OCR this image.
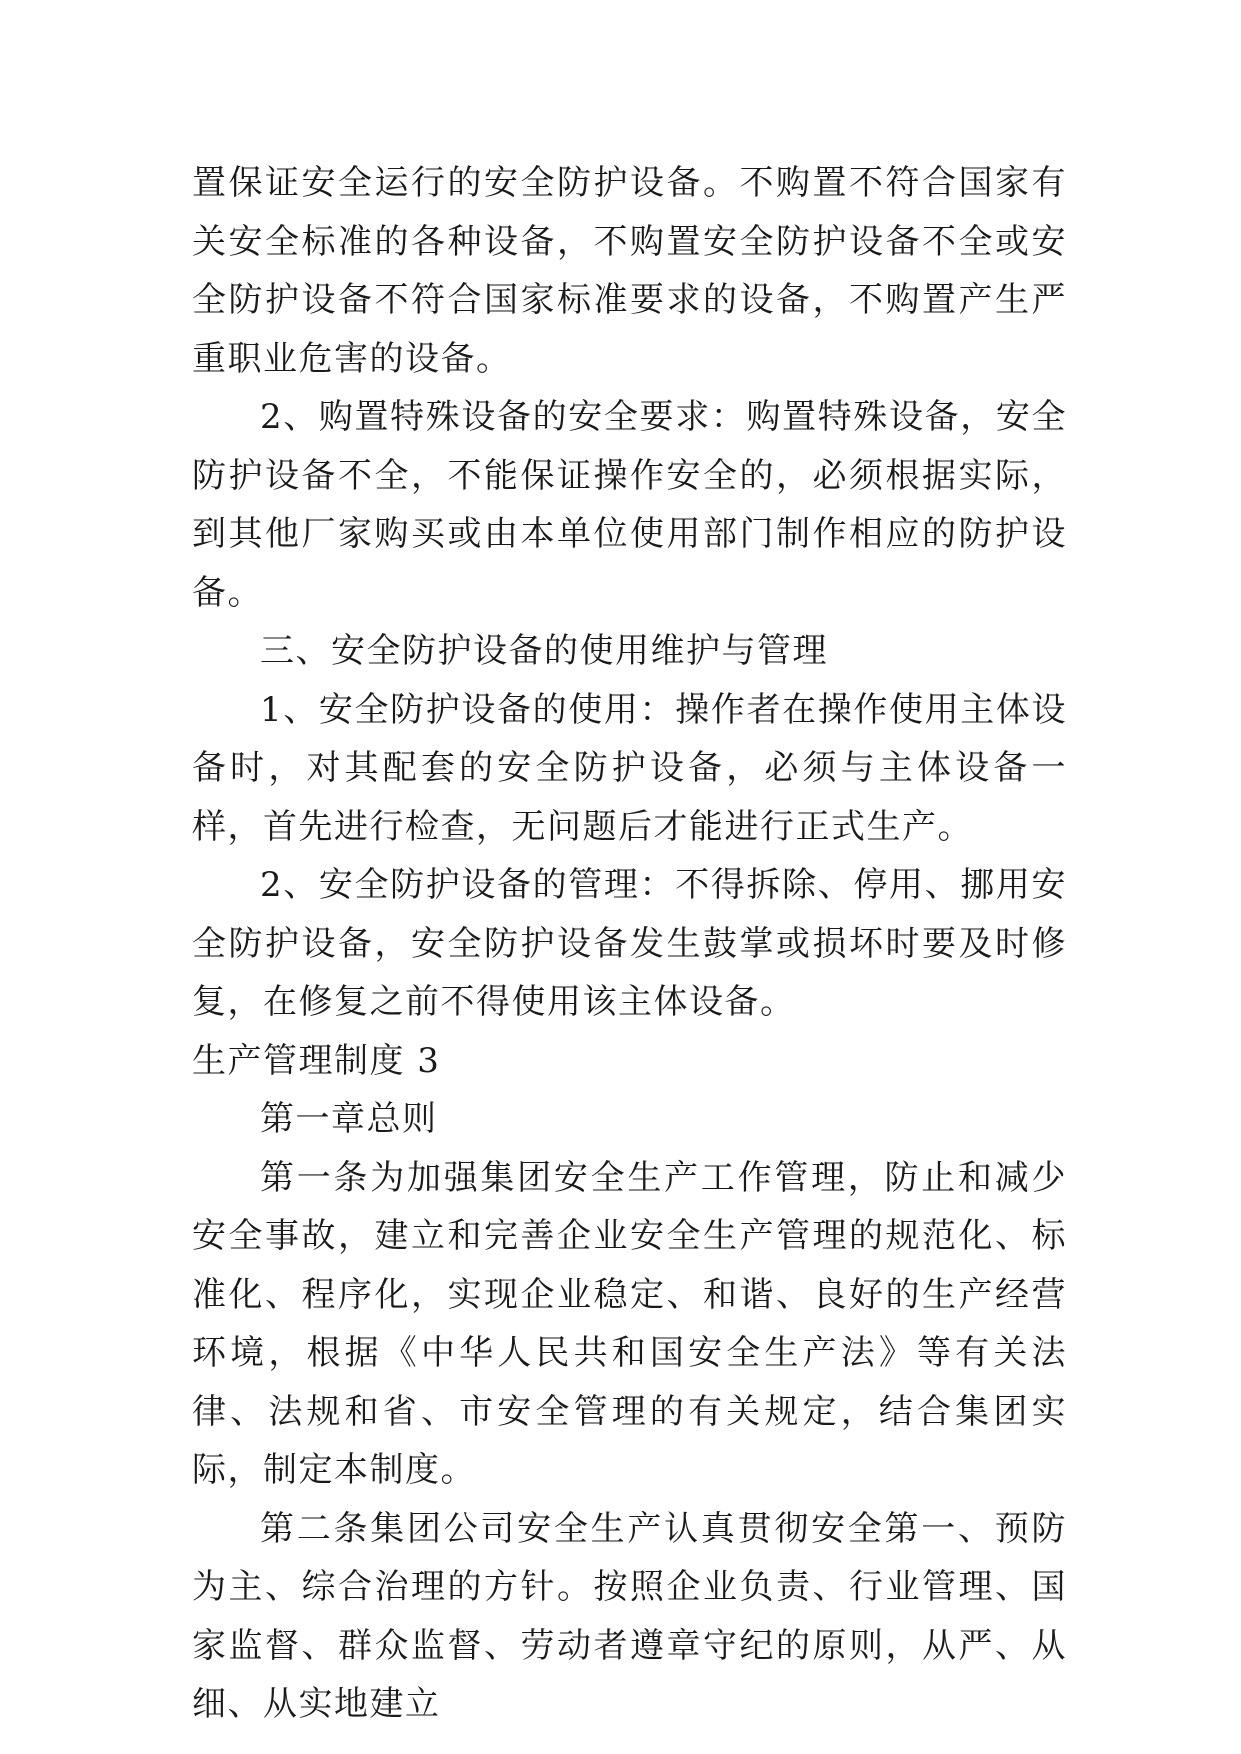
置保证安全运行的安全防护设备。不购置不符合国家有关安全标准的各种设备，不购置安全防护设备不全或安全防护设备不符合国家标准要求的设备，不购置产生严重职业危害的设备。

2、购置特殊设备的安全要求：购置特殊设备，安全防护设备不全，不能保证操作安全的，必须根据实际，到其他厂家购买或由本单位使用部门制作相应的防护设备。

三、安全防护设备的使用维护与管理

1、安全防护设备的使用：操作者在操作使用主体设备时，对其配套的安全防护设备，必须与主体设备一样，首先进行检查，无问题后才能进行正式生产。

2、安全防护设备的管理：不得拆除、停用、挪用安全防护设备，安全防护设备发生鼓掌或损坏时要及时修复，在修复之前不得使用该主体设备。

生产管理制度 3

第一章总则

第一条为加强集团安全生产工作管理，防止和减少安全事故，建立和完善企业安全生产管理的规范化、标准化、程序化，实现企业稳定、和谐、良好的生产经营环境，根据《中华人民共和国安全生产法》等有关法律、法规和省、市安全管理的有关规定，结合集团实际，制定本制度。

第二条集团公司安全生产认真贯彻安全第一、预防为主、综合治理的方针。按照企业负责、行业管理、国家监督、群众监督、劳动者遵章守纪的原则，从严、从细、从实地建立
